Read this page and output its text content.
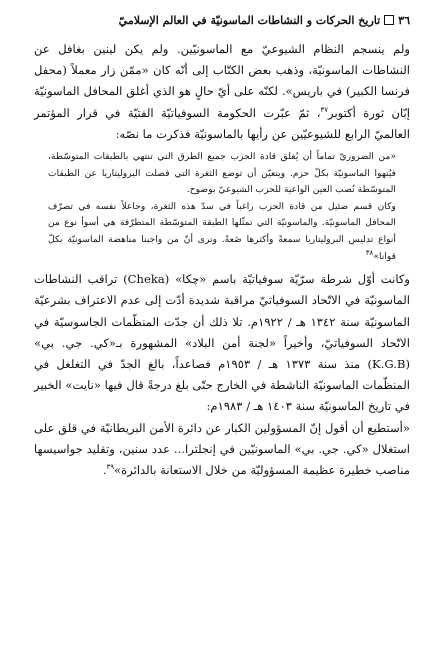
٣٦
تاريخ الحركات و النشاطات الماسونيّة في العالم الإسلاميّ

ولم ينسجم النظام الشيوعيّ مع الماسونيّين. ولم يكن لينين بغافل عن النشاطات الماسونيّة، وذهب بعض الكتّاب إلى أنّه كان «ممّن زار معملاً (محفل فرنسا الكبير) في باريس». لكنّه على أيّ حالٍ هو الذي أغلق المحافل الماسونيّة إبّان ثورة أكتوبر$^{٣٧}$، ثمّ عبّرت الحكومة السوفياتيّة الفتيّة في قرار المؤتمر العالميّ الرابع للشيوعيّين عن رأيها بالماسونيّة فذكرت ما نصّه:

«من الضروريّ تماماً أن يُغلق قادة الحزب جميع الطرق التي تنتهي بالطبقات المتوسّطة، فيُنهوا الماسونيّة بكلّ حزم. ويتعيّن أن توضع الثغرة التي فصلت البروليتاريا عن الطبقات المتوسّطة نُصب العين الواعية للحزب الشيوعيّ بوضوح.

وكان قسم ضئيل من قادة الحزب راغباً في سدّ هذه الثغرة، وجاعلاً نفسه في تصرّف المحافل الماسونيّة. والماسونيّة التي تمثّلها الطبقة المتوسّطة المتطرّفة هي أسوأ نوع من أنواع تدليس البروليتاريا سمعةً وأكثرها ضَعةً. ونرى أنّ من واجبنا مناهضة الماسونيّة بكلّ قوانا»$^{٣٨}$

وكانت أوّل شرطة سرّيّة سوفياتيّة باسم «چكا» (Cheka) تراقب النشاطات الماسونيّة في الاتّحاد السوفياتيّ مراقبة شديدة أدّت إلى عدم الاعتراف بشرعيّة الماسونيّة سنة ١٣٤٢ هـ / ١٩٢٢م. تلا ذلك أن جدّت المنظّمات الجاسوسيّة في الاتّحاد السوفياتيّ، وأخيراً «لجنة أمن البلاد» المشهورة بـ«كي. جي. بي» (K.G.B) منذ سنة ١٣٧٣ هـ / ١٩٥٣م فصاعداً، بالغ الجدّ في التغلغل في المنظّمات الماسونيّة الناشطة في الخارج حتّى بلغ درجةً قال فيها «نايت» الخبير في تاريخ الماسونيّة سنة ١٤٠٣ هـ / ١٩٨٣م:

«أستطيع أن أقول إنّ المسؤولين الكبار عن دائرة الأمن البريطانيّة في قلق على استغلال «كي. جي. بي» الماسونيّين في إنجلترا... عدد سنين، وتقليد جواسيسها مناصب خطيرة عظيمة المسؤوليّة من خلال الاستعانة بالدائرة»$^{٣٩}$.
